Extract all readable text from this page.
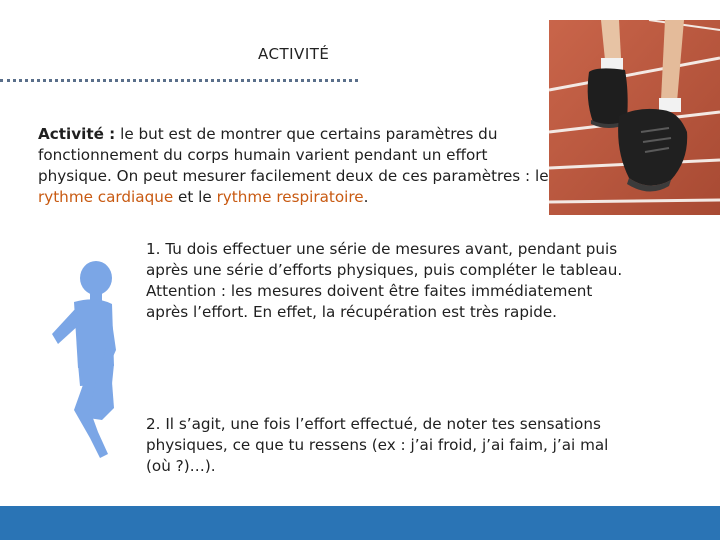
ACTIVITÉ

Activité : le but est de montrer que certains paramètres du fonctionnement du corps humain varient pendant un effort physique. On peut mesurer facilement deux de ces paramètres : le rythme cardiaque et le rythme respiratoire.

1. Tu dois effectuer une série de mesures avant, pendant puis après une série d’efforts physiques, puis compléter le tableau.
Attention : les mesures doivent être faites immédiatement après l’effort. En effet, la récupération est très rapide.
2. Il s’agit, une fois l’effort effectué, de noter tes sensations physiques, ce que tu ressens (ex : j’ai froid, j’ai faim, j’ai mal (où ?)…).
